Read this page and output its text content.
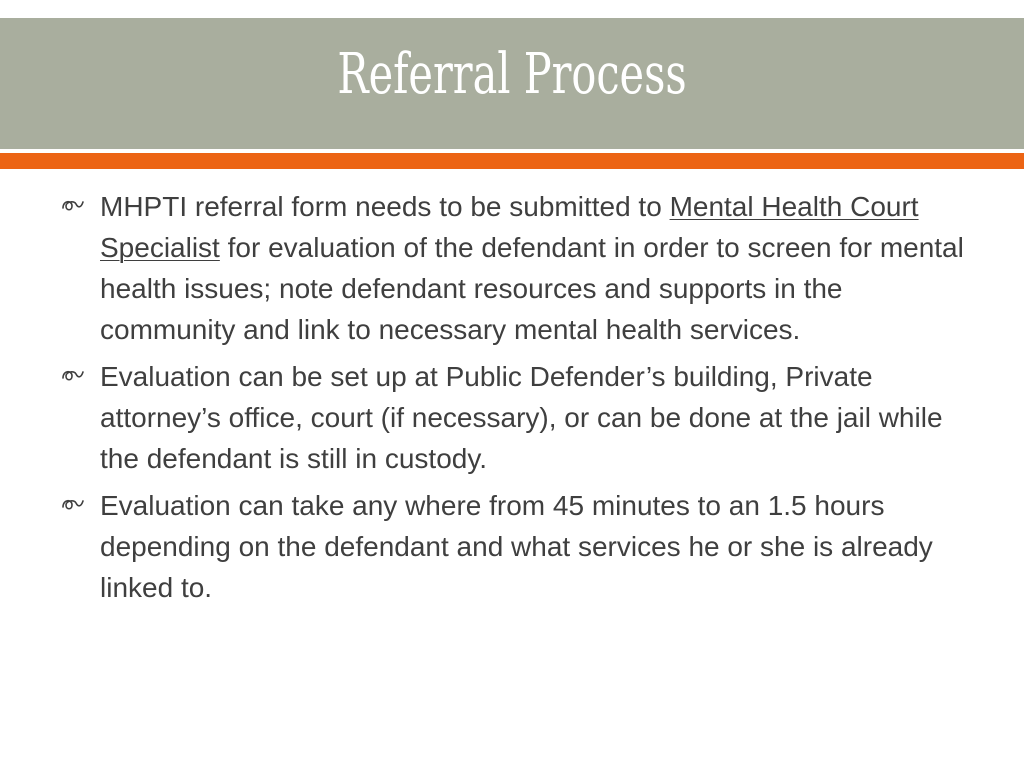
Referral Process

MHPTI referral form needs to be submitted to Mental Health Court Specialist for evaluation of the defendant in order to screen for mental health issues; note defendant resources and supports in the community and link to necessary mental health services.

Evaluation can be set up at Public Defender’s building, Private attorney’s office, court (if necessary), or can be done at the jail while the defendant is still in custody.

Evaluation can take any where from 45 minutes to an 1.5 hours depending on the defendant and what services he or she is already linked to.
